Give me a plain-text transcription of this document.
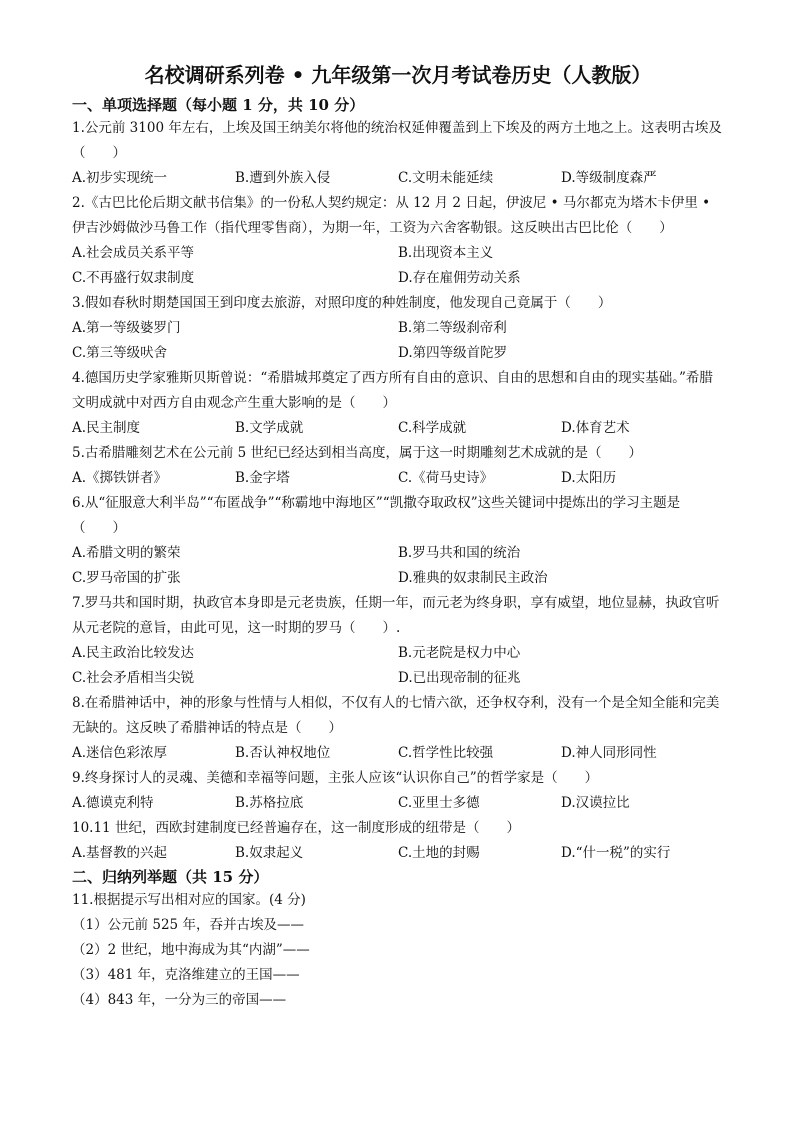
名校调研系列卷 • 九年级第一次月考试卷历史（人教版）
一、单项选择题（每小题 1 分，共 10 分）

1.公元前 3100 年左右，上埃及国王纳美尔将他的统治权延伸覆盖到上下埃及的两方土地之上。这表明古埃及（　　）

A.初步实现统一	B.遭到外族入侵	C.文明未能延续	D.等级制度森严

2.《古巴比伦后期文献书信集》的一份私人契约规定：从 12 月 2 日起，伊波尼 • 马尔都克为塔木卡伊里 • 伊吉沙姆做沙马鲁工作（指代理零售商），为期一年，工资为六舍客勒银。这反映出古巴比伦（　　）

A.社会成员关系平等	B.出现资本主义
C.不再盛行奴隶制度	D.存在雇佣劳动关系

3.假如春秋时期楚国国王到印度去旅游，对照印度的种姓制度，他发现自己竟属于（　　）

A.第一等级婆罗门	B.第二等级刹帝利
C.第三等级吠舍	D.第四等级首陀罗

4.德国历史学家雅斯贝斯曾说：“希腊城邦奠定了西方所有自由的意识、自由的思想和自由的现实基础。”希腊文明成就中对西方自由观念产生重大影响的是（　　）

A.民主制度	B.文学成就	C.科学成就	D.体育艺术

5.古希腊雕刻艺术在公元前 5 世纪已经达到相当高度，属于这一时期雕刻艺术成就的是（　　）

A.《掷铁饼者》	B.金字塔	C.《荷马史诗》	D.太阳历

6.从“征服意大利半岛”“布匿战争”“称霸地中海地区”“凯撒夺取政权”这些关键词中提炼出的学习主题是（　　）

A.希腊文明的繁荣	B.罗马共和国的统治
C.罗马帝国的扩张	D.雅典的奴隶制民主政治

7.罗马共和国时期，执政官本身即是元老贵族，任期一年，而元老为终身职，享有威望，地位显赫，执政官听从元老院的意旨，由此可见，这一时期的罗马（　　）.

A.民主政治比较发达	B.元老院是权力中心
C.社会矛盾相当尖锐	D.已出现帝制的征兆

8.在希腊神话中，神的形象与性情与人相似，不仅有人的七情六欲，还争权夺利，没有一个是全知全能和完美无缺的。这反映了希腊神话的特点是（　　）

A.迷信色彩浓厚	B.否认神权地位	C.哲学性比较强	D.神人同形同性

9.终身探讨人的灵魂、美德和幸福等问题，主张人应该“认识你自己”的哲学家是（　　）

A.德谟克利特	B.苏格拉底	C.亚里士多德	D.汉谟拉比

10.11 世纪，西欧封建制度已经普遍存在，这一制度形成的纽带是（　　）

A.基督教的兴起	B.奴隶起义	C.土地的封赐	D.“什一税”的实行
二、归纳列举题（共 15 分）

11.根据提示写出相对应的国家。(4 分)

（1）公元前 525 年，吞并古埃及——

（2）2 世纪，地中海成为其“内湖”——

（3）481 年，克洛维建立的王国——

（4）843 年，一分为三的帝国——
